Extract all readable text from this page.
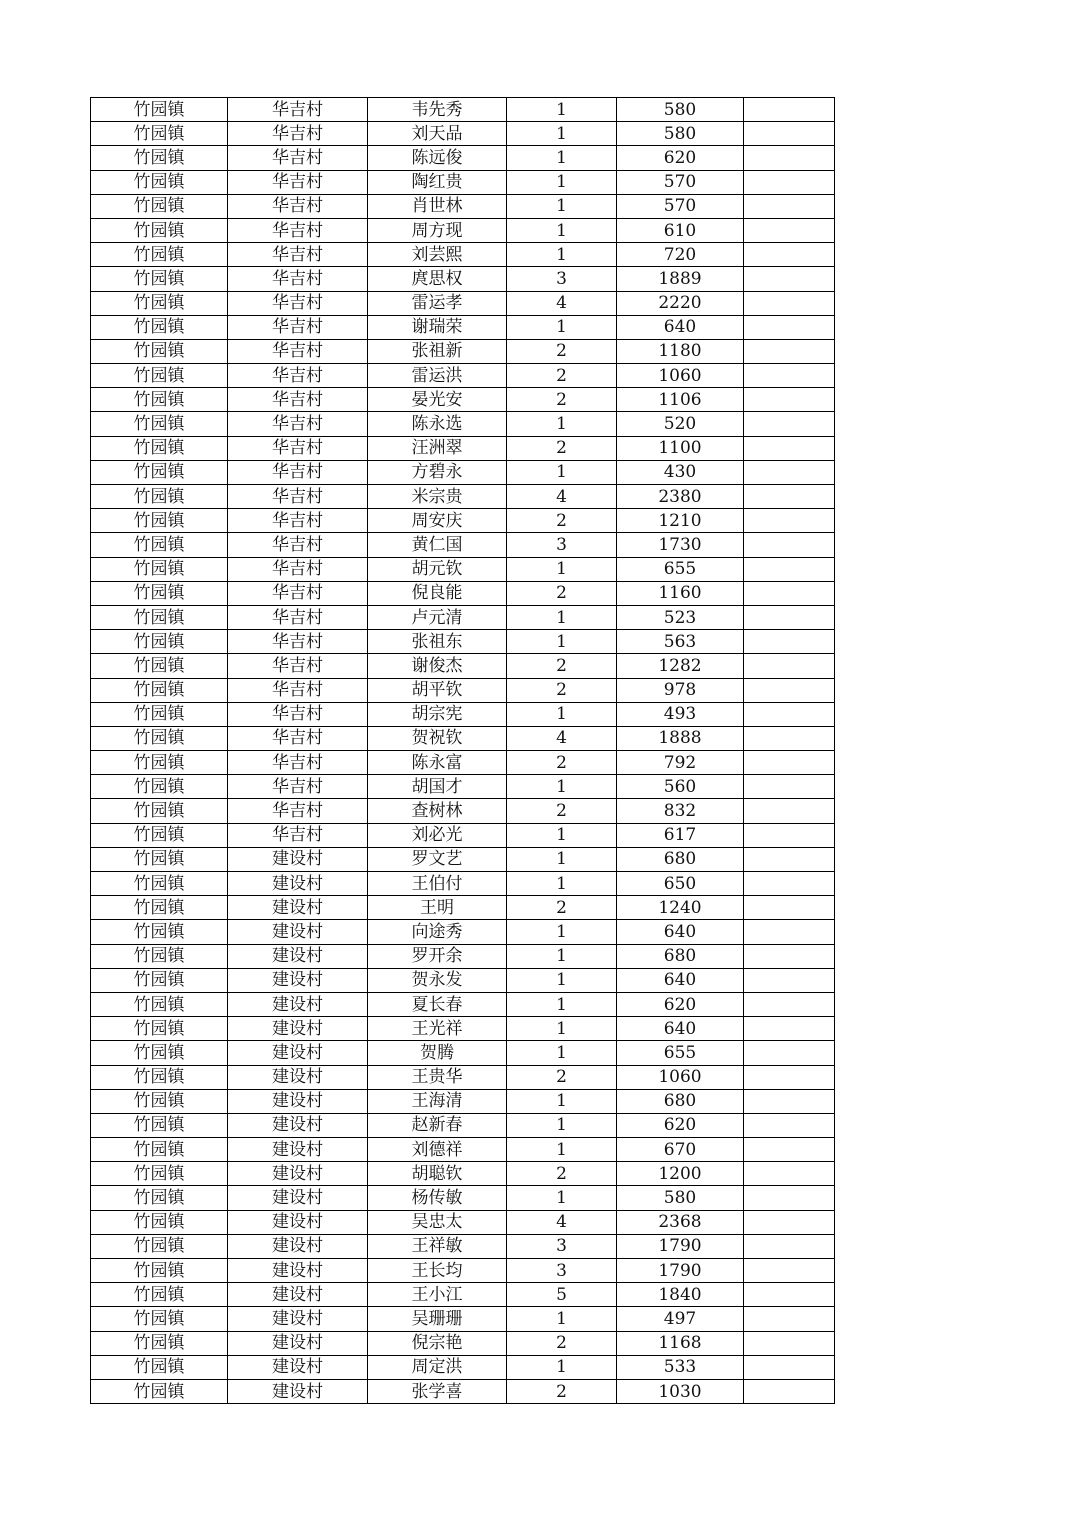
竹园镇	华吉村	韦先秀	1	580	
竹园镇	华吉村	刘天品	1	580	
竹园镇	华吉村	陈远俊	1	620	
竹园镇	华吉村	陶红贵	1	570	
竹园镇	华吉村	肖世林	1	570	
竹园镇	华吉村	周方现	1	610	
竹园镇	华吉村	刘芸熙	1	720	
竹园镇	华吉村	庹思权	3	1889	
竹园镇	华吉村	雷运孝	4	2220	
竹园镇	华吉村	谢瑞荣	1	640	
竹园镇	华吉村	张祖新	2	1180	
竹园镇	华吉村	雷运洪	2	1060	
竹园镇	华吉村	晏光安	2	1106	
竹园镇	华吉村	陈永选	1	520	
竹园镇	华吉村	汪洲翠	2	1100	
竹园镇	华吉村	方碧永	1	430	
竹园镇	华吉村	米宗贵	4	2380	
竹园镇	华吉村	周安庆	2	1210	
竹园镇	华吉村	黄仁国	3	1730	
竹园镇	华吉村	胡元钦	1	655	
竹园镇	华吉村	倪良能	2	1160	
竹园镇	华吉村	卢元清	1	523	
竹园镇	华吉村	张祖东	1	563	
竹园镇	华吉村	谢俊杰	2	1282	
竹园镇	华吉村	胡平钦	2	978	
竹园镇	华吉村	胡宗宪	1	493	
竹园镇	华吉村	贺祝钦	4	1888	
竹园镇	华吉村	陈永富	2	792	
竹园镇	华吉村	胡国才	1	560	
竹园镇	华吉村	查树林	2	832	
竹园镇	华吉村	刘必光	1	617	
竹园镇	建设村	罗文艺	1	680	
竹园镇	建设村	王伯付	1	650	
竹园镇	建设村	王明	2	1240	
竹园镇	建设村	向途秀	1	640	
竹园镇	建设村	罗开余	1	680	
竹园镇	建设村	贺永发	1	640	
竹园镇	建设村	夏长春	1	620	
竹园镇	建设村	王光祥	1	640	
竹园镇	建设村	贺腾	1	655	
竹园镇	建设村	王贵华	2	1060	
竹园镇	建设村	王海清	1	680	
竹园镇	建设村	赵新春	1	620	
竹园镇	建设村	刘德祥	1	670	
竹园镇	建设村	胡聪钦	2	1200	
竹园镇	建设村	杨传敏	1	580	
竹园镇	建设村	吴忠太	4	2368	
竹园镇	建设村	王祥敏	3	1790	
竹园镇	建设村	王长均	3	1790	
竹园镇	建设村	王小江	5	1840	
竹园镇	建设村	吴珊珊	1	497	
竹园镇	建设村	倪宗艳	2	1168	
竹园镇	建设村	周定洪	1	533	
竹园镇	建设村	张学喜	2	1030	
